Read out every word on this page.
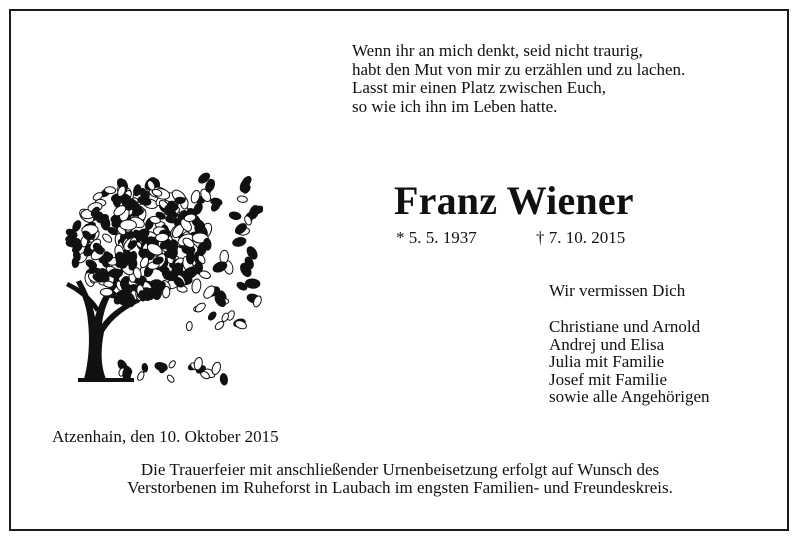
Wenn ihr an mich denkt, seid nicht traurig,
habt den Mut von mir zu erzählen und zu lachen.
Lasst mir einen Platz zwischen Euch,
so wie ich ihn im Leben hatte.
Franz Wiener
* 5. 5. 1937	† 7. 10. 2015
Wir vermissen Dich
Christiane und Arnold
Andrej und Elisa
Julia mit Familie
Josef mit Familie
sowie alle Angehörigen
Atzenhain, den 10. Oktober 2015
Die Trauerfeier mit anschließender Urnenbeisetzung erfolgt auf Wunsch des
Verstorbenen im Ruheforst in Laubach im engsten Familien- und Freundeskreis.
